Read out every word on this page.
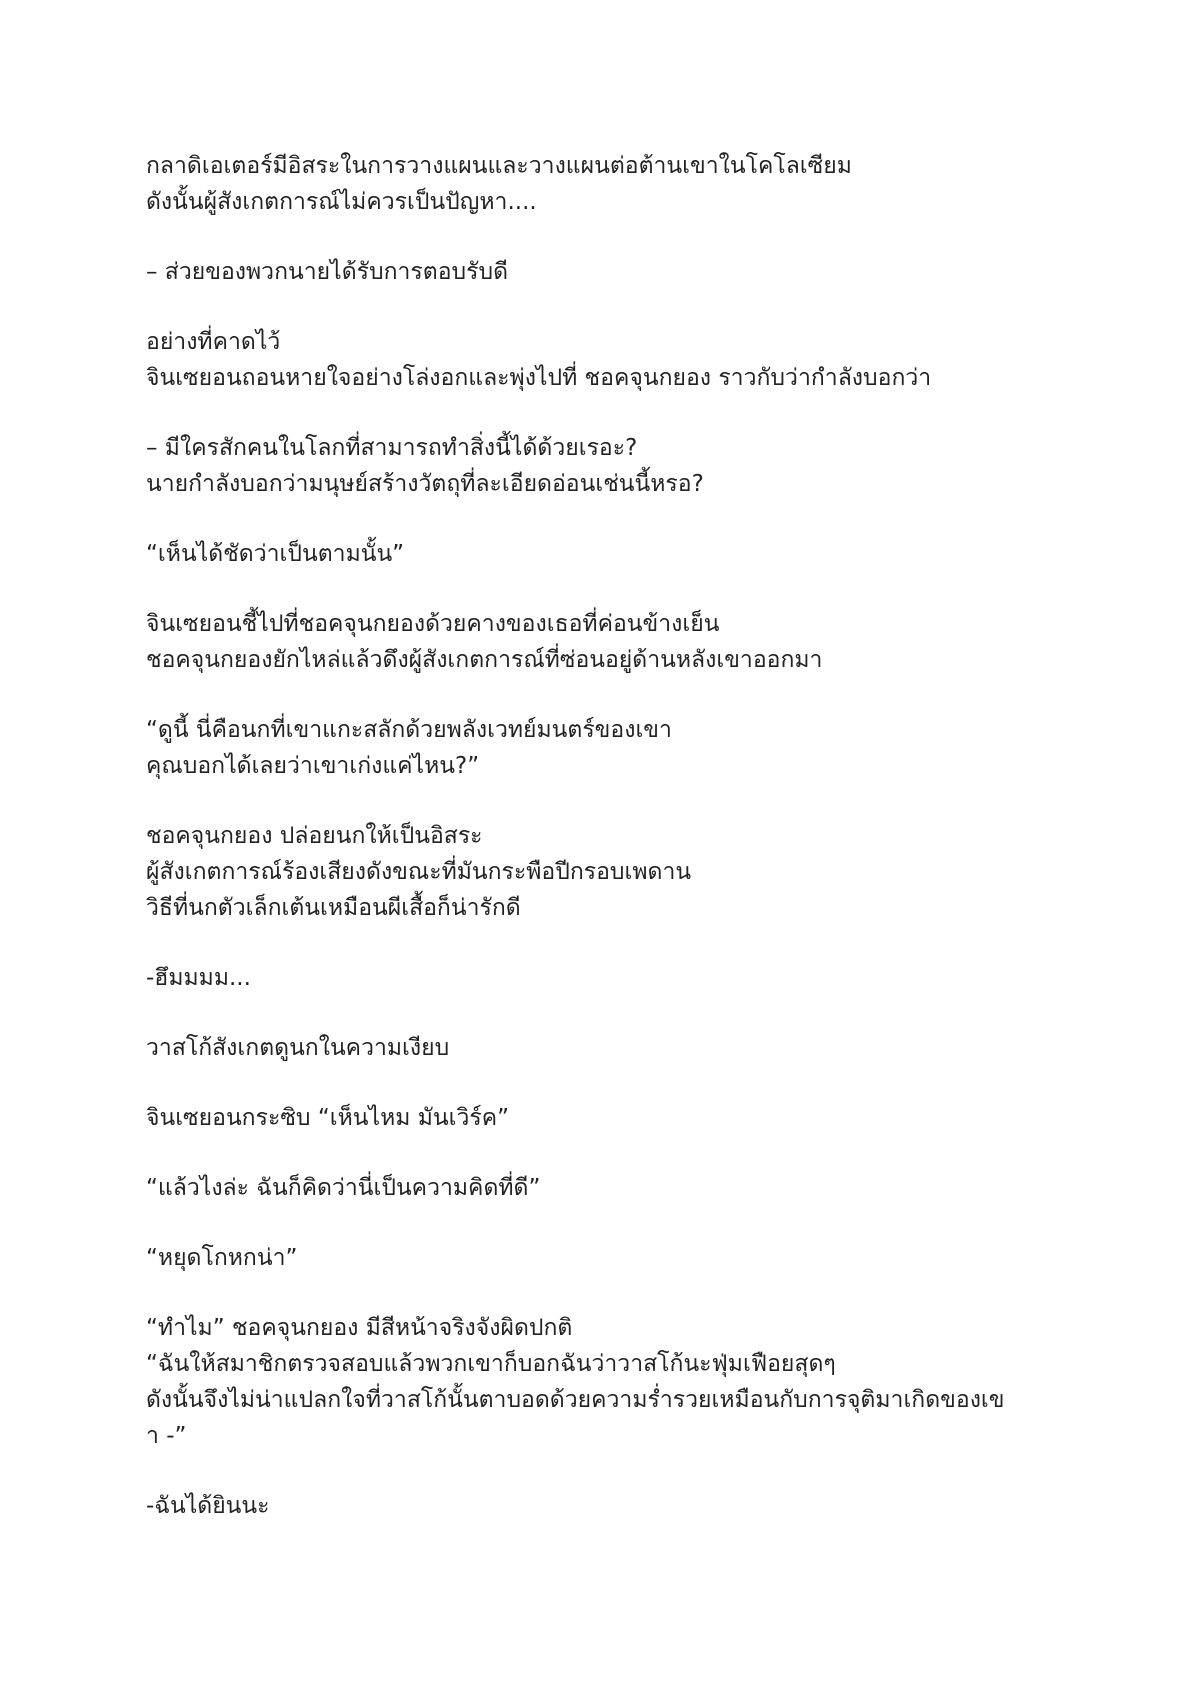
กลาดิเอเตอร์มีอิสระในการวางแผนและวางแผนต่อต้านเขาในโคโลเซียม
ดังนั้นผู้สังเกตการณ์ไม่ควรเป็นปัญหา....
– ส่วยของพวกนายได้รับการตอบรับดี
อย่างที่คาดไว้
จินเซยอนถอนหายใจอย่างโล่งอกและพุ่งไปที่ ชอคจุนกยอง ราวกับว่ากำลังบอกว่า
– มีใครสักคนในโลกที่สามารถทำสิ่งนี้ได้ด้วยเรอะ?
นายกำลังบอกว่ามนุษย์สร้างวัตถุที่ละเอียดอ่อนเช่นนี้หรอ?
“เห็นได้ชัดว่าเป็นตามนั้น”
จินเซยอนชี้ไปที่ชอคจุนกยองด้วยคางของเธอที่ค่อนข้างเย็น
ชอคจุนกยองยักไหล่แล้วดึงผู้สังเกตการณ์ที่ซ่อนอยู่ด้านหลังเขาออกมา
“ดูนี้ นี่คือนกที่เขาแกะสลักด้วยพลังเวทย์มนตร์ของเขา
คุณบอกได้เลยว่าเขาเก่งแค่ไหน?”
ชอคจุนกยอง ปล่อยนกให้เป็นอิสระ
ผู้สังเกตการณ์ร้องเสียงดังขณะที่มันกระพือปีกรอบเพดาน
วิธีที่นกตัวเล็กเต้นเหมือนผีเสื้อก็น่ารักดี
-ฮึมมมม...
วาสโก้สังเกตดูนกในความเงียบ
จินเซยอนกระซิบ “เห็นไหม มันเวิร์ค”
“แล้วไงล่ะ ฉันก็คิดว่านี่เป็นความคิดที่ดี”
“หยุดโกหกน่า”
“ทำไม” ชอคจุนกยอง มีสีหน้าจริงจังผิดปกติ
“ฉันให้สมาชิกตรวจสอบแล้วพวกเขาก็บอกฉันว่าวาสโก้นะฟุ่มเฟือยสุดๆ
ดังนั้นจึงไม่น่าแปลกใจที่วาสโก้นั้นตาบอดด้วยความร่ำรวยเหมือนกับการจุติมาเกิดของเข
า -”
-ฉันได้ยินนะ
